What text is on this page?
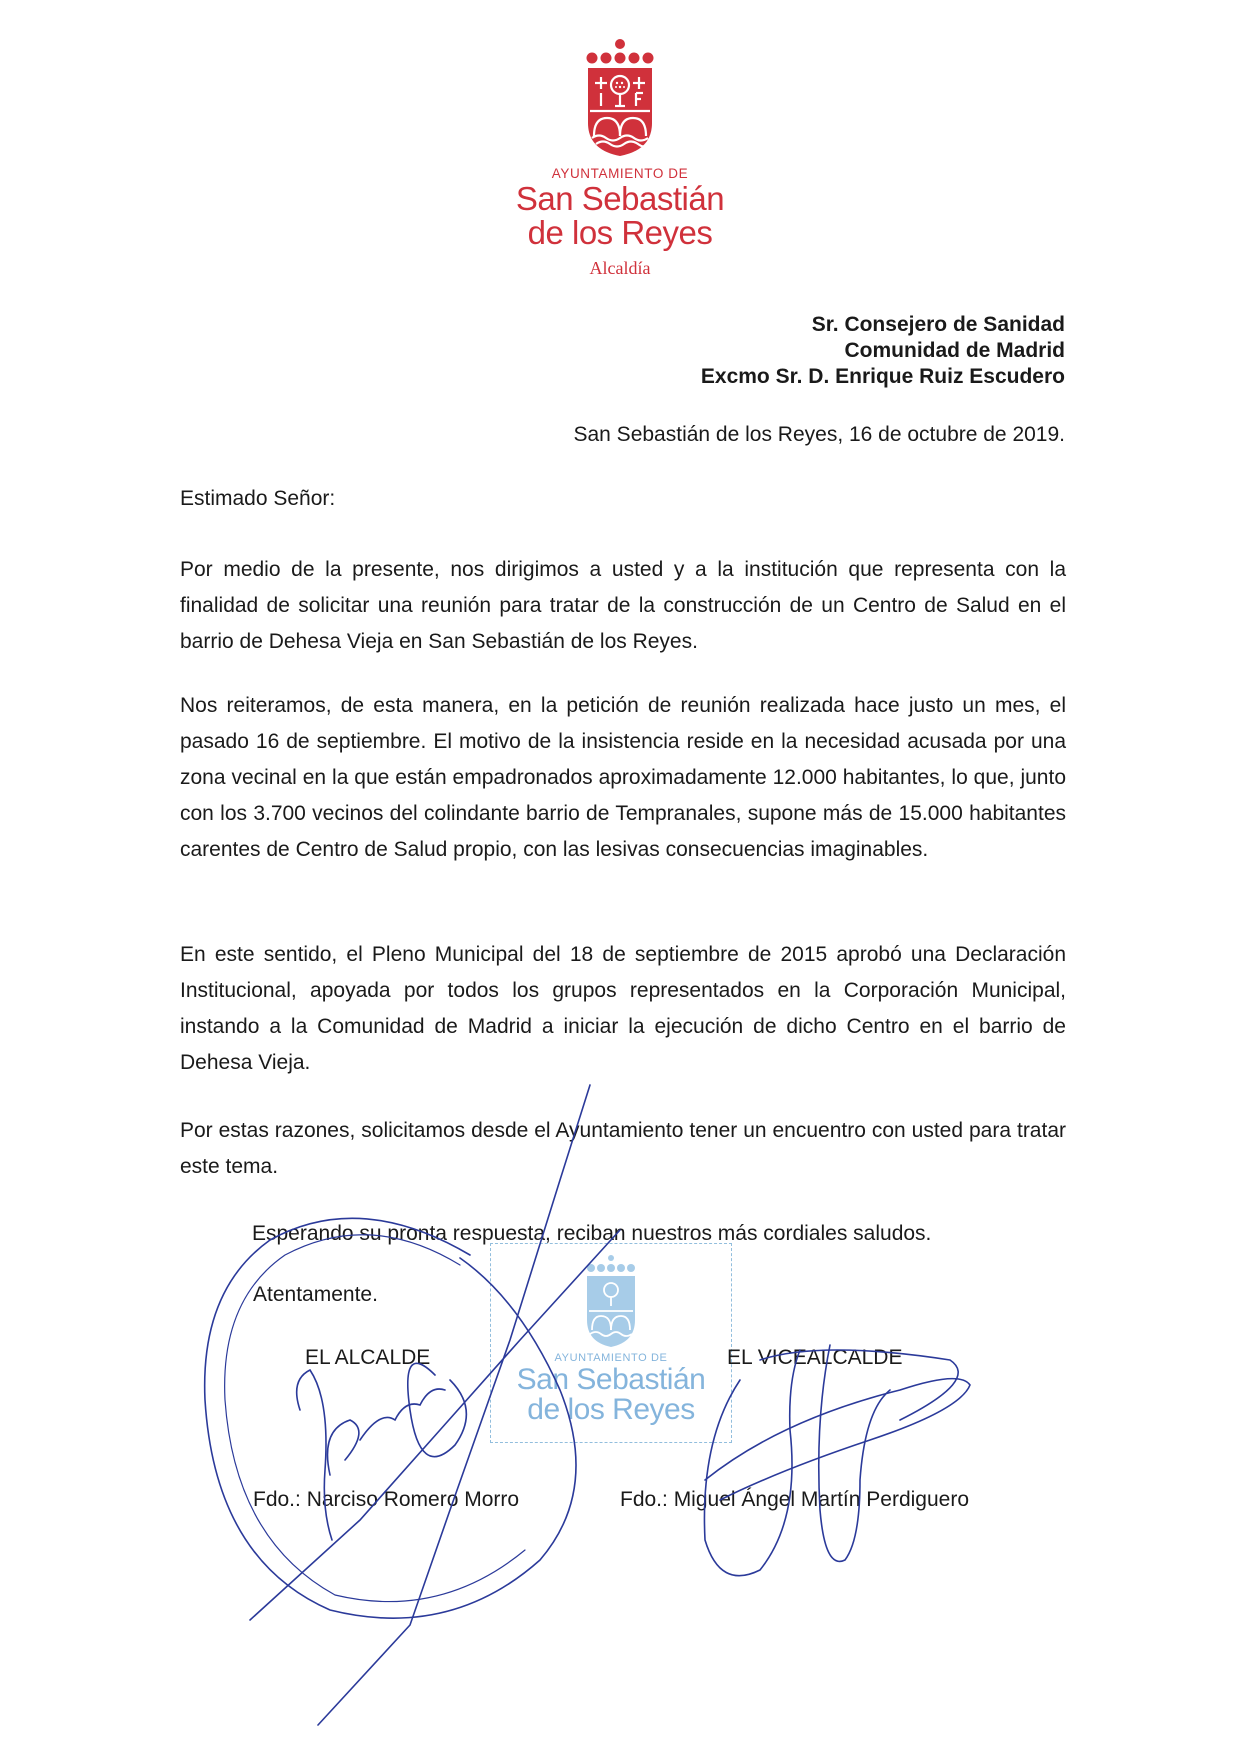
AYUNTAMIENTO DE
San Sebastián
de los Reyes
Alcaldía
Sr. Consejero de Sanidad
Comunidad de Madrid
Excmo Sr. D. Enrique Ruiz Escudero
San Sebastián de los Reyes, 16 de octubre de 2019.
Estimado Señor:

Por medio de la presente, nos dirigimos a usted y a la institución que representa con la finalidad de solicitar una reunión para tratar de la construcción de un Centro de Salud en el barrio de Dehesa Vieja en San Sebastián de los Reyes.

Nos reiteramos, de esta manera, en la petición de reunión realizada hace justo un mes, el pasado 16 de septiembre. El motivo de la insistencia reside en la necesidad acusada por una zona vecinal en la que están empadronados aproximadamente 12.000 habitantes, lo que, junto con los 3.700 vecinos del colindante barrio de Tempranales, supone más de 15.000 habitantes carentes de Centro de Salud propio, con las lesivas consecuencias imaginables.

En este sentido, el Pleno Municipal del 18 de septiembre de 2015 aprobó una Declaración Institucional, apoyada por todos los grupos representados en la Corporación Municipal, instando a la Comunidad de Madrid a iniciar la ejecución de dicho Centro en el barrio de Dehesa Vieja.

Por estas razones, solicitamos desde el Ayuntamiento tener un encuentro con usted para tratar este tema.

AYUNTAMIENTO DE
San Sebastián
de los Reyes
Esperando su pronta respuesta, reciban nuestros más cordiales saludos.
Atentamente.
EL ALCALDE	EL VICEALCALDE
Fdo.: Narciso Romero Morro	Fdo.: Miguel Ángel Martín Perdiguero
